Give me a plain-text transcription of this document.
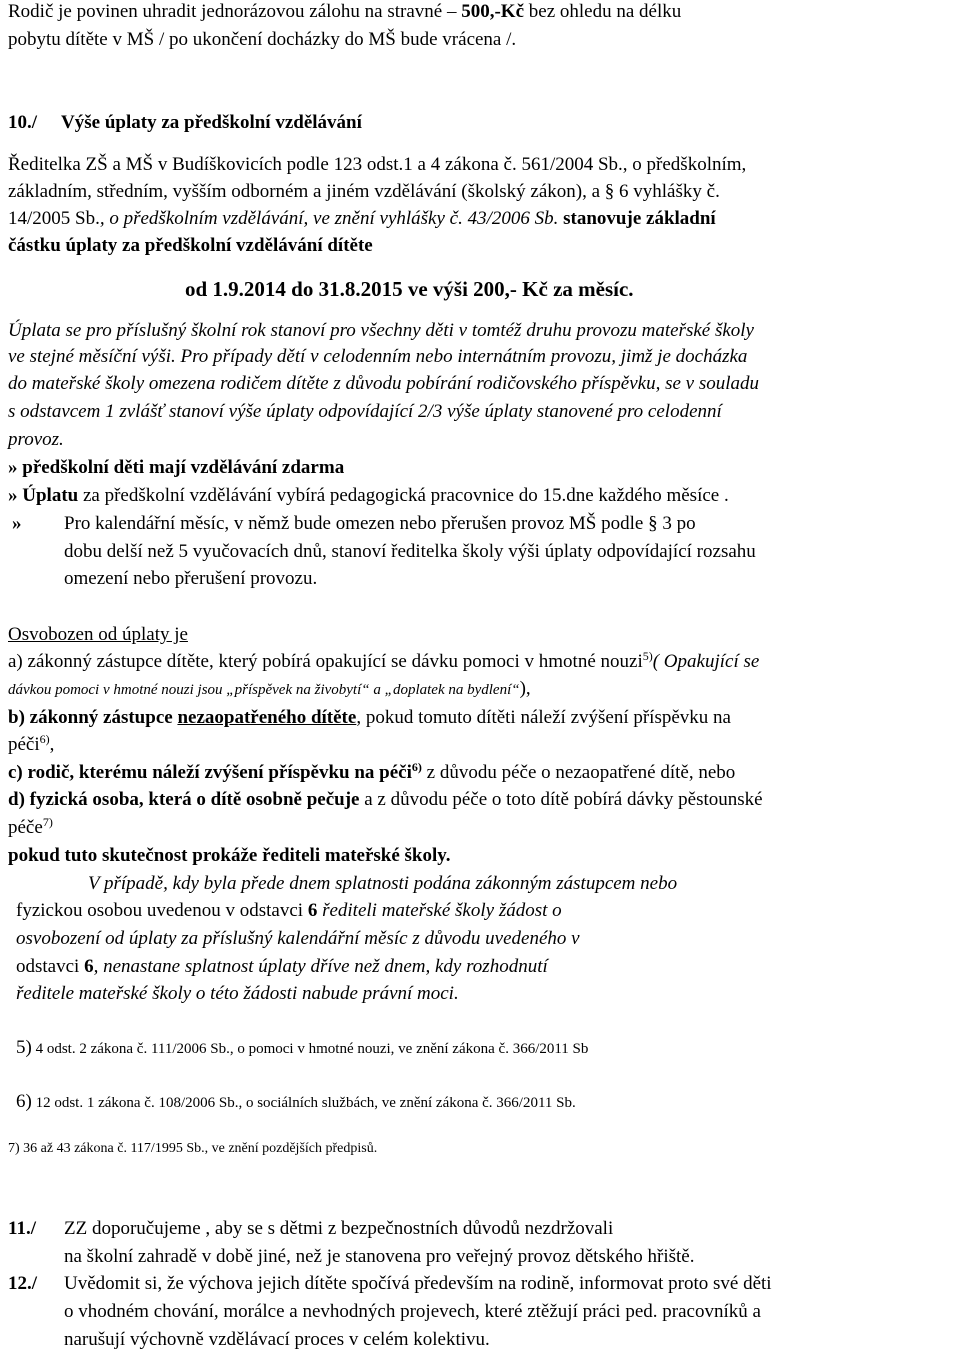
Rodič je povinen uhradit jednorázovou zálohu na stravné – 500,-Kč bez ohledu na délku
pobytu dítěte v MŠ / po ukončení docházky do MŠ bude vrácena /.
10./ Výše úplaty za předškolní vzdělávání
Ředitelka ZŠ a MŠ v Budíškovicích podle 123 odst.1 a 4 zákona č. 561/2004 Sb., o předškolním,
základním, středním, vyšším odborném a jiném vzdělávání (školský zákon), a § 6 vyhlášky č.
14/2005 Sb., o předškolním vzdělávání, ve znění vyhlášky č. 43/2006 Sb. stanovuje základní
částku úplaty za předškolní vzdělávání dítěte
od 1.9.2014 do 31.8.2015 ve výši 200,- Kč za měsíc.
Úplata se pro příslušný školní rok stanoví pro všechny děti v tomtéž druhu provozu mateřské školy
ve stejné měsíční výši. Pro případy dětí v celodenním nebo internátním provozu, jimž je docházka
do mateřské školy omezena rodičem dítěte z důvodu pobírání rodičovského příspěvku, se v souladu
s odstavcem 1 zvlášť stanoví výše úplaty odpovídající 2/3 výše úplaty stanovené pro celodenní
provoz.
» předškolní děti mají vzdělávání zdarma
» Úplatu za předškolní vzdělávání vybírá pedagogická pracovnice do 15.dne každého měsíce .
» Pro kalendářní měsíc, v němž bude omezen nebo přerušen provoz MŠ podle § 3 po
dobu delší než 5 vyučovacích dnů, stanoví ředitelka školy výši úplaty odpovídající rozsahu
omezení nebo přerušení provozu.
Osvobozen od úplaty je
a) zákonný zástupce dítěte, který pobírá opakující se dávku pomoci v hmotné nouzi$^{5)}$( Opakující se
dávkou pomoci v hmotné nouzi jsou „příspěvek na živobytí“ a „doplatek na bydlení“),
b) zákonný zástupce nezaopatřeného dítěte, pokud tomuto dítěti náleží zvýšení příspěvku na
péči$^{6)}$,
c) rodič, kterému náleží zvýšení příspěvku na péči$^{6)}$ z důvodu péče o nezaopatřené dítě, nebo
d) fyzická osoba, která o dítě osobně pečuje a z důvodu péče o toto dítě pobírá dávky pěstounské
péče$^{7)}$
pokud tuto skutečnost prokáže řediteli mateřské školy.
V případě, kdy byla přede dnem splatnosti podána zákonným zástupcem nebo
fyzickou osobou uvedenou v odstavci 6 řediteli mateřské školy žádost o
osvobození od úplaty za příslušný kalendářní měsíc z důvodu uvedeného v
odstavci 6, nenastane splatnost úplaty dříve než dnem, kdy rozhodnutí
ředitele mateřské školy o této žádosti nabude právní moci.
5) 4 odst. 2 zákona č. 111/2006 Sb., o pomoci v hmotné nouzi, ve znění zákona č. 366/2011 Sb
6) 12 odst. 1 zákona č. 108/2006 Sb., o sociálních službách, ve znění zákona č. 366/2011 Sb.
7) 36 až 43 zákona č. 117/1995 Sb., ve znění pozdějších předpisů.
11./ ZZ doporučujeme , aby se s dětmi z bezpečnostních důvodů nezdržovali
na školní zahradě v době jiné, než je stanovena pro veřejný provoz dětského hřiště.
12./ Uvědomit si, že výchova jejich dítěte spočívá především na rodině, informovat proto své děti
o vhodném chování, morálce a nevhodných projevech, které ztěžují práci ped. pracovníků a
narušují výchovně vzdělávací proces v celém kolektivu.
